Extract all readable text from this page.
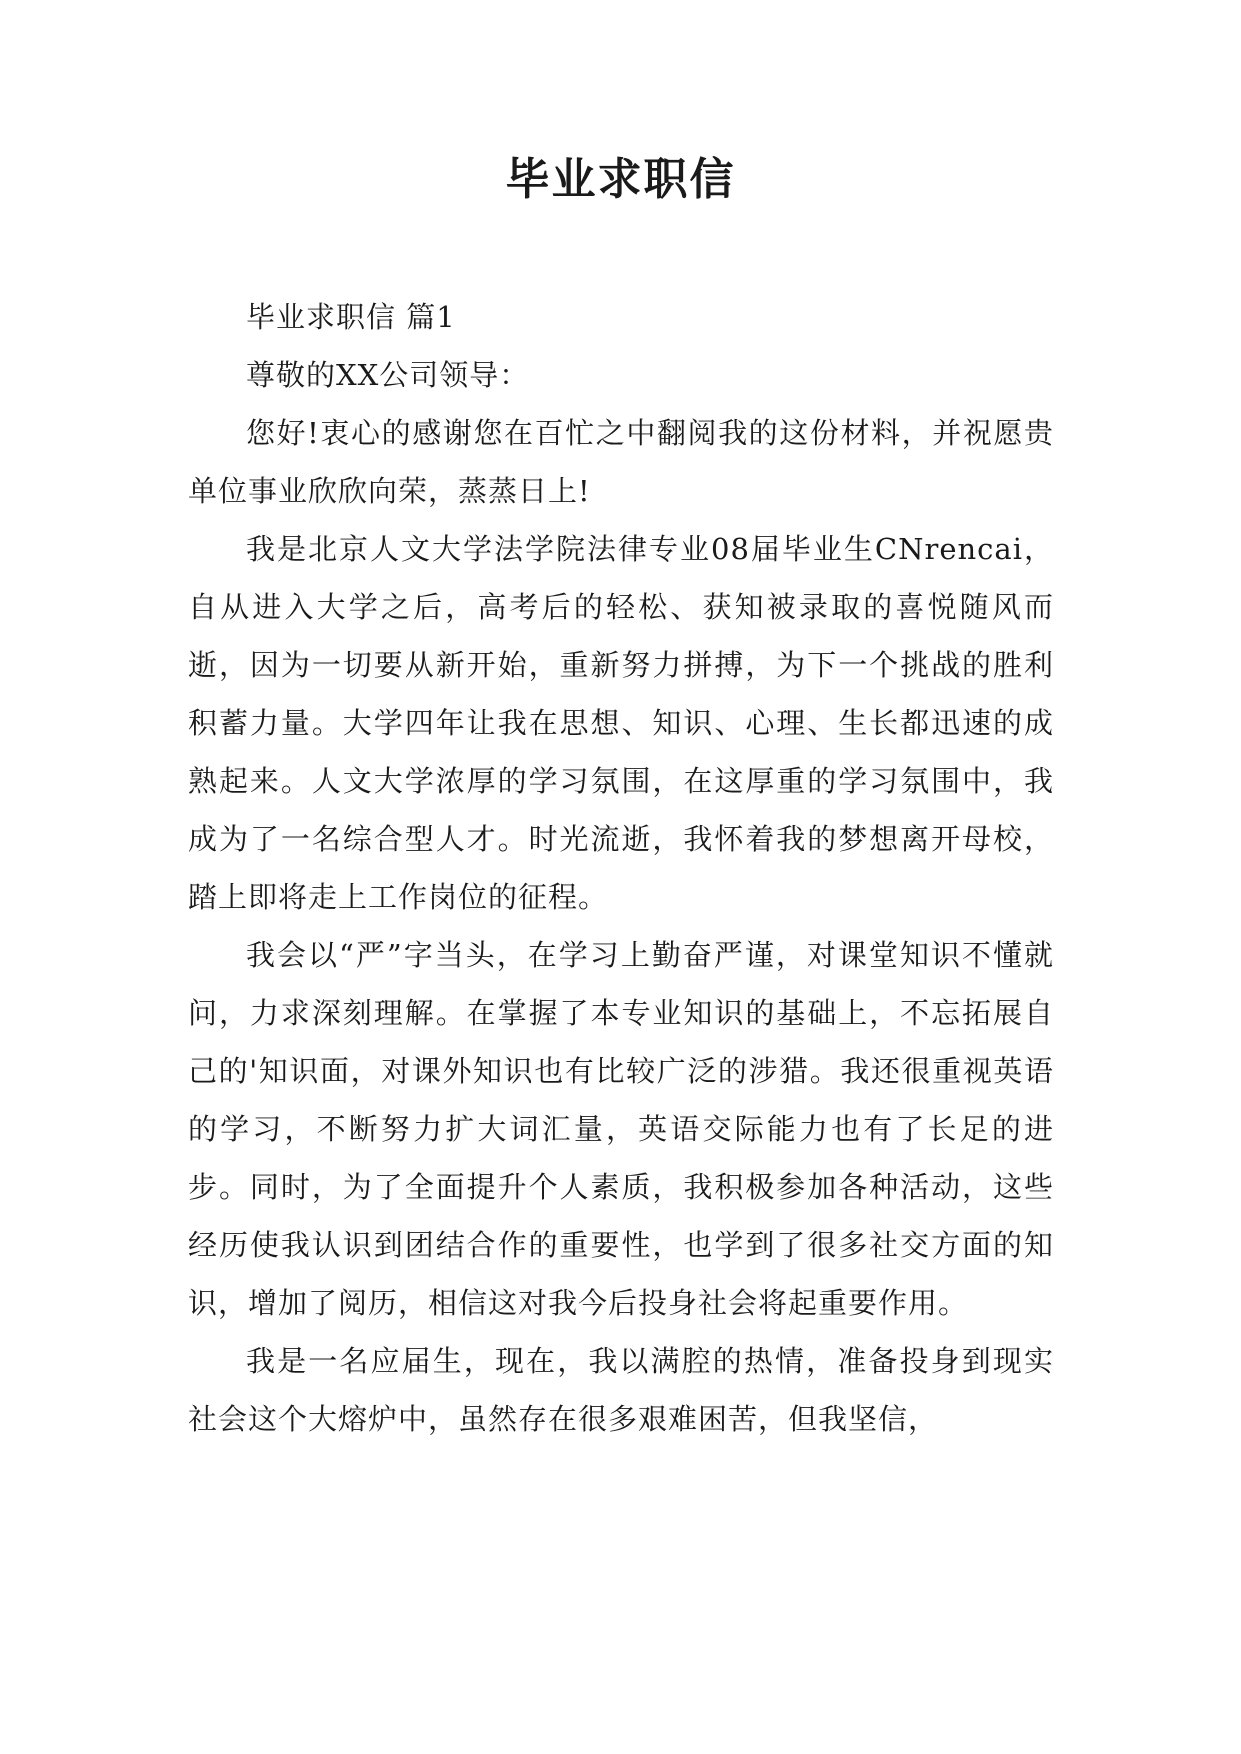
毕业求职信

毕业求职信 篇1

尊敬的XX公司领导：

您好!衷心的感谢您在百忙之中翻阅我的这份材料，并祝愿贵单位事业欣欣向荣，蒸蒸日上!

我是北京人文大学法学院法律专业08届毕业生CNrencai，自从进入大学之后，高考后的轻松、获知被录取的喜悦随风而逝，因为一切要从新开始，重新努力拼搏，为下一个挑战的胜利积蓄力量。大学四年让我在思想、知识、心理、生长都迅速的成熟起来。人文大学浓厚的学习氛围，在这厚重的学习氛围中，我成为了一名综合型人才。时光流逝，我怀着我的梦想离开母校，踏上即将走上工作岗位的征程。

我会以“严”字当头，在学习上勤奋严谨，对课堂知识不懂就问，力求深刻理解。在掌握了本专业知识的基础上，不忘拓展自己的'知识面，对课外知识也有比较广泛的涉猎。我还很重视英语的学习，不断努力扩大词汇量，英语交际能力也有了长足的进步。同时，为了全面提升个人素质，我积极参加各种活动，这些经历使我认识到团结合作的重要性，也学到了很多社交方面的知识，增加了阅历，相信这对我今后投身社会将起重要作用。

我是一名应届生，现在，我以满腔的热情，准备投身到现实社会这个大熔炉中，虽然存在很多艰难困苦，但我坚信，
